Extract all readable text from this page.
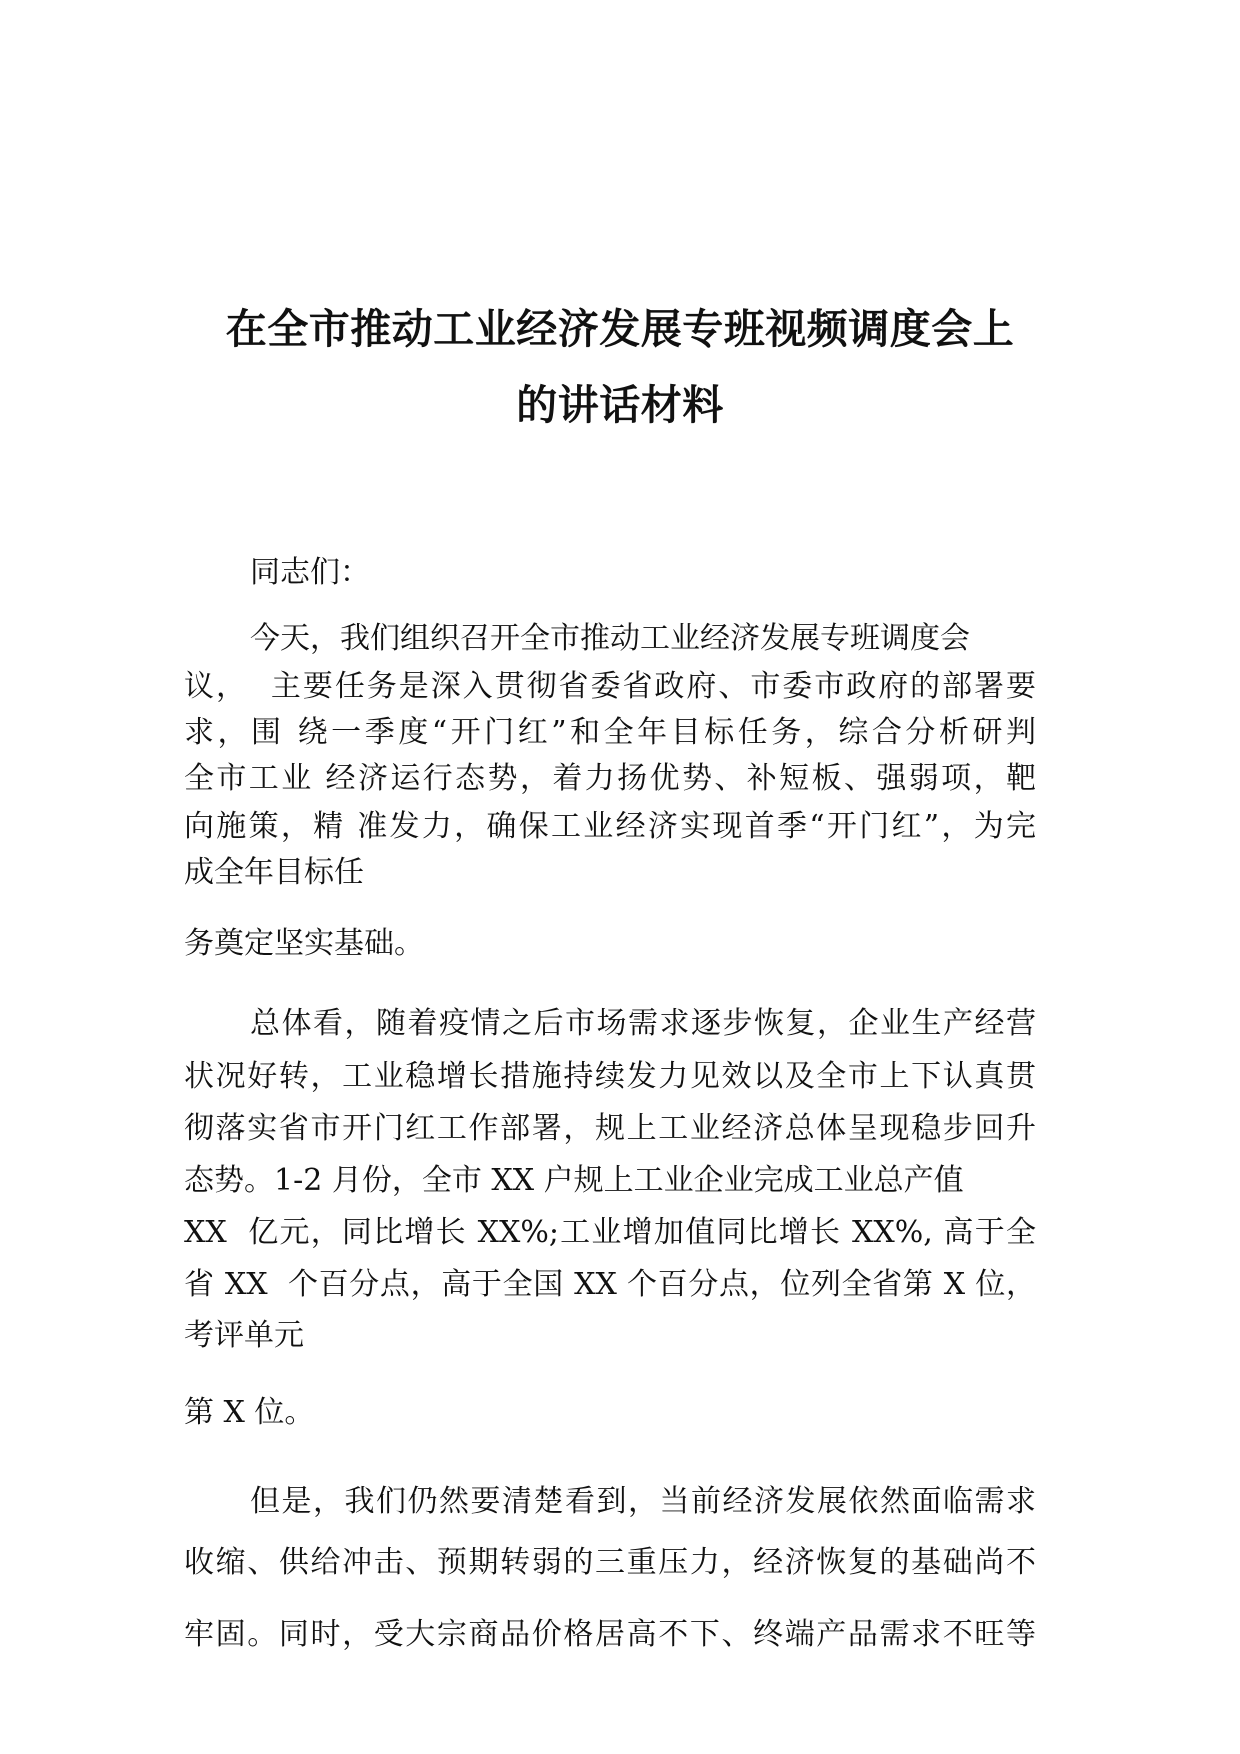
在全市推动工业经济发展专班视频调度会上
的讲话材料
同志们：
今天，我们组织召开全市推动工业经济发展专班调度会
议，  主要任务是深入贯彻省委省政府、市委市政府的部署要
求，围 绕一季度“开门红”和全年目标任务，综合分析研判
全市工业 经济运行态势，着力扬优势、补短板、强弱项，靶
向施策，精 准发力，确保工业经济实现首季“开门红”，为完
成全年目标任
务奠定坚实基础。
总体看，随着疫情之后市场需求逐步恢复，企业生产经营
状况好转，工业稳增长措施持续发力见效以及全市上下认真贯
彻落实省市开门红工作部署，规上工业经济总体呈现稳步回升
态势。1-2 月份，全市 XX 户规上工业企业完成工业总产值
XX  亿元，同比增长 XX%;工业增加值同比增长 XX%, 高于全
省 XX  个百分点，高于全国 XX 个百分点，位列全省第 X 位，
考评单元
第 X 位。
但是，我们仍然要清楚看到，当前经济发展依然面临需求
收缩、供给冲击、预期转弱的三重压力，经济恢复的基础尚不
牢固。同时，受大宗商品价格居高不下、终端产品需求不旺等
